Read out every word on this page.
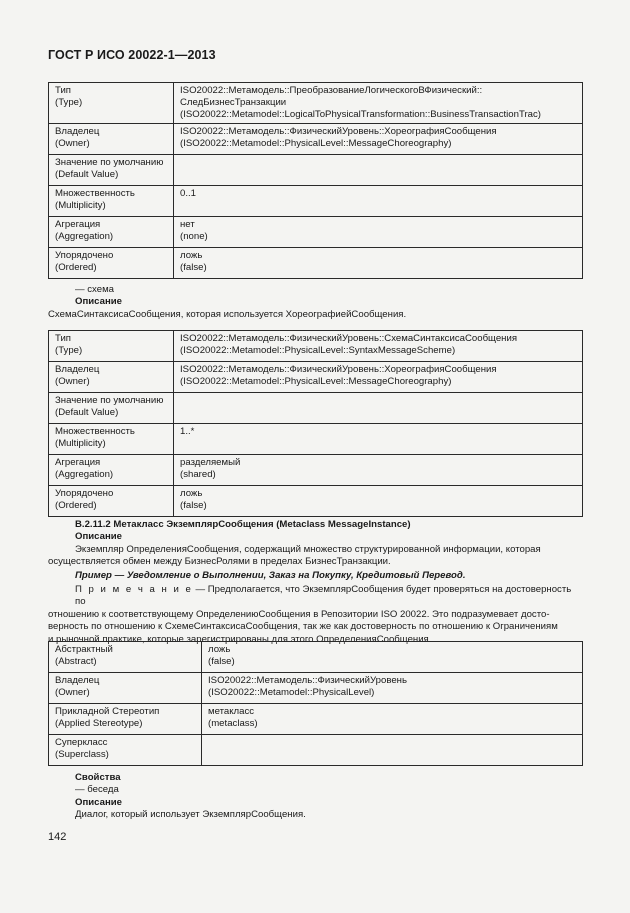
ГОСТ Р ИСО 20022-1—2013
Тип
(Type)	ISO20022::Метамодель::ПреобразованиеЛогическогоВФизический::
СледБизнесТранзакции
(ISO20022::Metamodel::LogicalToPhysicalTransformation::BusinessTransactionTrac)

Владелец
(Owner)	ISO20022::Метамодель::ФизическийУровень::ХореографияСообщения
(ISO20022::Metamodel::PhysicalLevel::MessageChoreography)

Значение по умолчанию
(Default Value)	

Множественность
(Multiplicity)	0..1

Агрегация
(Aggregation)	нет
(none)

Упорядочено
(Ordered)	ложь
(false)
— схема
Описание
СхемаСинтаксисаСообщения, которая используется ХореографиейСообщения.
Тип
(Type)	ISO20022::Метамодель::ФизическийУровень::СхемаСинтаксисаСообщения
(ISO20022::Metamodel::PhysicalLevel::SyntaxMessageScheme)

Владелец
(Owner)	ISO20022::Метамодель::ФизическийУровень::ХореографияСообщения
(ISO20022::Metamodel::PhysicalLevel::MessageChoreography)

Значение по умолчанию
(Default Value)	

Множественность
(Multiplicity)	1..*

Агрегация
(Aggregation)	разделяемый
(shared)

Упорядочено
(Ordered)	ложь
(false)
В.2.11.2 Метакласс ЭкземплярСообщения (Metaclass MessageInstance)
Описание
Экземпляр ОпределенияСообщения, содержащий множество структурированной информации, которая
осуществляется обмен между БизнесРолями в пределах БизнесТранзакции.
Пример — Уведомление о Выполнении, Заказ на Покупку, Кредитовый Перевод.
П р и м е ч а н и е — Предполагается, что ЭкземплярСообщения будет проверяться на достоверность по
отношению к соответствующему ОпределениюСообщения в Репозитории ISO 20022. Это подразумевает досто-
верность по отношению к СхемеСинтаксисаСообщения, так же как достоверность по отношению к Ограничениям
и рыночной практике, которые зарегистрированы для этого ОпределенияСообщения.
Абстрактный
(Abstract)	ложь
(false)

Владелец
(Owner)	ISO20022::Метамодель::ФизическийУровень
(ISO20022::Metamodel::PhysicalLevel)

Прикладной Стереотип
(Applied Stereotype)	метакласс
(metaclass)

Суперкласс
(Superclass)	

Свойства
— беседа
Описание
Диалог, который использует ЭкземплярСообщения.
142
